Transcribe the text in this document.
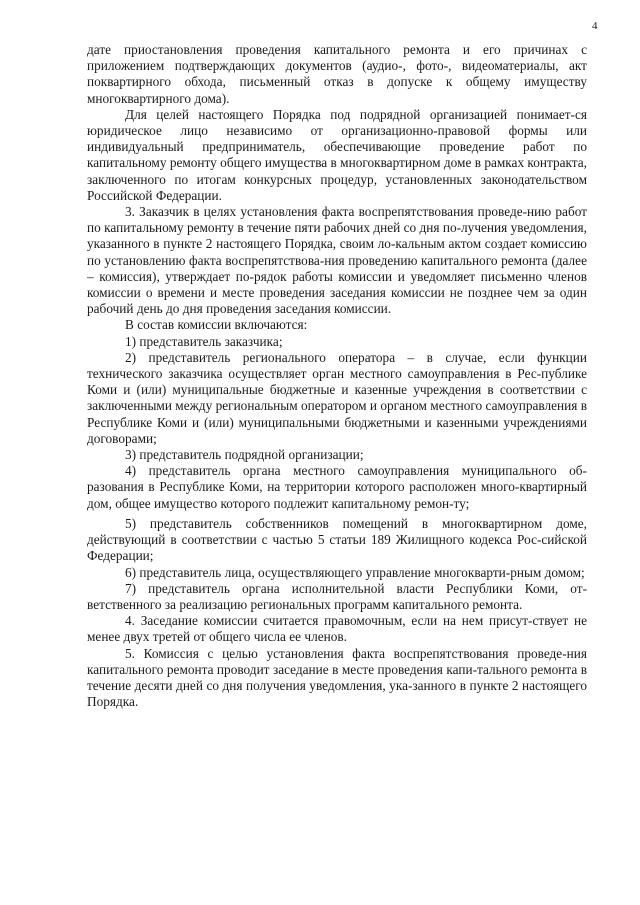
4

дате приостановления проведения капитального ремонта и его причинах с приложением подтверждающих документов (аудио-, фото-, видеоматериалы, акт покваpтирного обхода, письменный отказ в допуске к общему имуществу многоквартирного дома).

Для целей настоящего Порядка под подрядной организацией понимает-ся юридическое лицо независимо от организационно-правовой формы или индивидуальный предприниматель, обеспечивающие проведение работ по капитальному ремонту общего имущества в многоквартирном доме в рамках контракта, заключенного по итогам конкурсных процедур, установленных законодательством Российской Федерации.

3. Заказчик в целях установления факта воспрепятствования проведе-нию работ по капитальному ремонту в течение пяти рабочих дней со дня по-лучения уведомления, указанного в пункте 2 настоящего Порядка, своим ло-кальным актом создает комиссию по установлению факта воспрепятствова-ния проведению капитального ремонта (далее – комиссия), утверждает по-рядок работы комиссии и уведомляет письменно членов комиссии о времени и месте проведения заседания комиссии не позднее чем за один рабочий день до дня проведения заседания комиссии.

В состав комиссии включаются:

1) представитель заказчика;

2) представитель регионального оператора – в случае, если функции технического заказчика осуществляет орган местного самоуправления в Рес-публике Коми и (или) муниципальные бюджетные и казенные учреждения в соответствии с заключенными между региональным оператором и органом местного самоуправления в Республике Коми и (или) муниципальными бюджетными и казенными учреждениями договорами;

3) представитель подрядной организации;

4) представитель органа местного самоуправления муниципального об-разования в Республике Коми, на территории которого расположен много-квартирный дом, общее имущество которого подлежит капитальному ремон-ту;

5) представитель собственников помещений в многоквартирном доме, действующий в соответствии с частью 5 статьи 189 Жилищного кодекса Рос-сийской Федерации;

6) представитель лица, осуществляющего управление многокварти-рным домом;

7) представитель органа исполнительной власти Республики Коми, от-ветственного за реализацию региональных программ капитального ремонта.

4. Заседание комиссии считается правомочным, если на нем присут-ствует не менее двух третей от общего числа ее членов.

5. Комиссия с целью установления факта воспрепятствования проведе-ния капитального ремонта проводит заседание в месте проведения капи-тального ремонта в течение десяти дней со дня получения уведомления, ука-занного в пункте 2 настоящего Порядка.
